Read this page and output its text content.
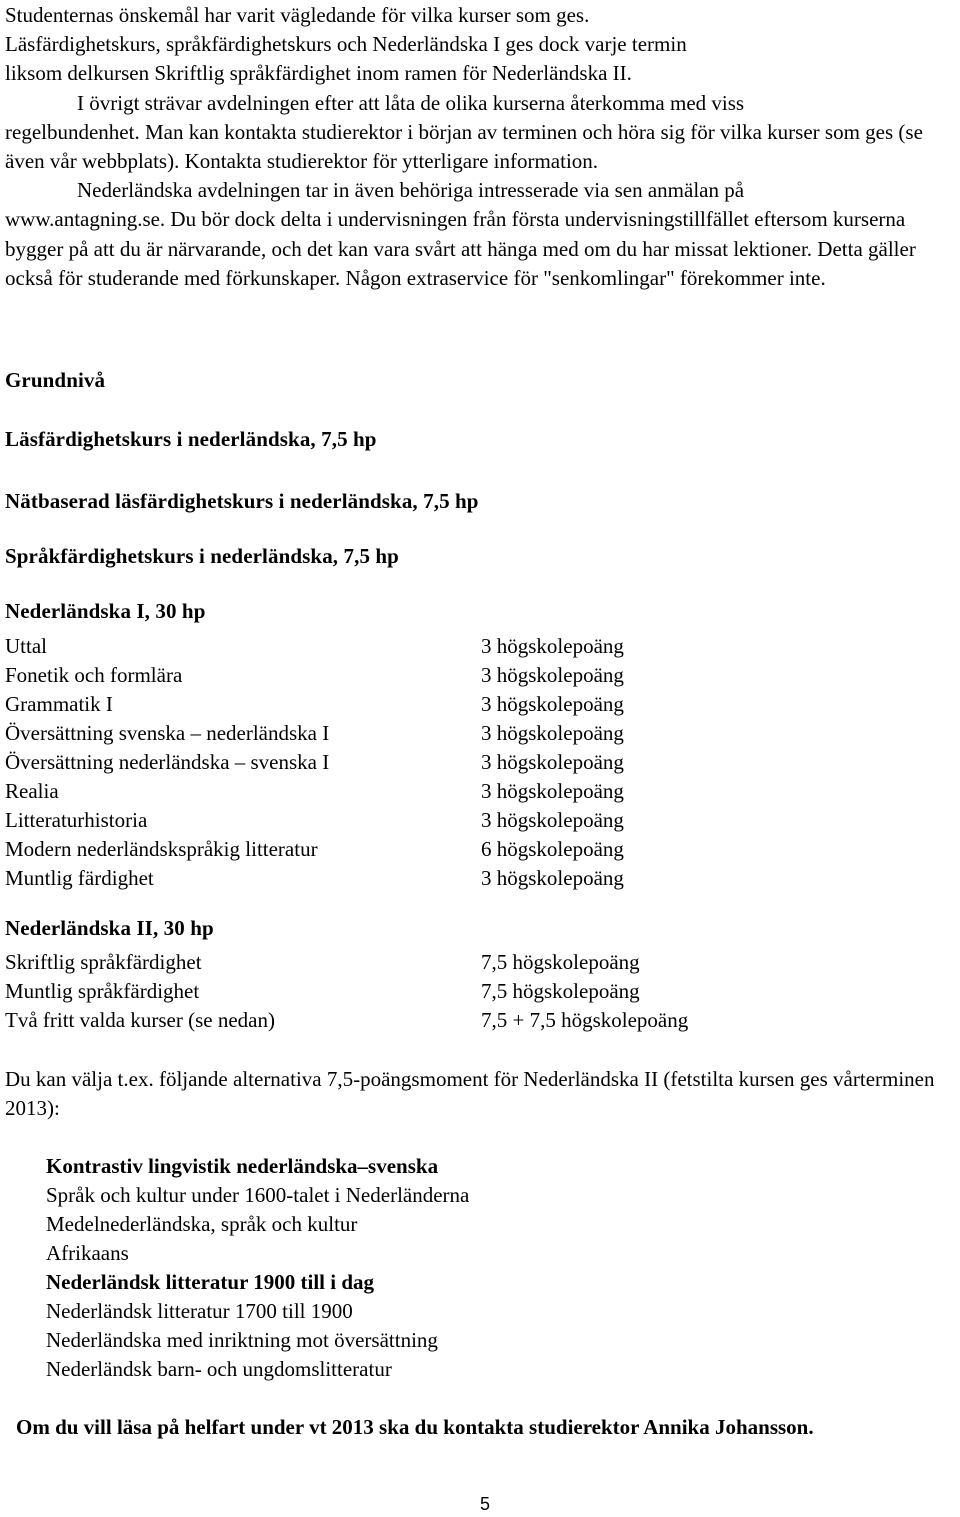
Studenternas önskemål har varit vägledande för vilka kurser som ges.

Läsfärdighetskurs, språkfärdighetskurs och Nederländska I ges dock varje termin

liksom delkursen Skriftlig språkfärdighet inom ramen för Nederländska II.

I övrigt strävar avdelningen efter att låta de olika kurserna återkomma med viss

regelbundenhet. Man kan kontakta studierektor i början av terminen och höra sig för vilka kurser som ges (se även vår webbplats). Kontakta studierektor för ytterligare information.

Nederländska avdelningen tar in även behöriga intresserade via sen anmälan på

www.antagning.se. Du bör dock delta i undervisningen från första undervisningstillfället eftersom kurserna bygger på att du är närvarande, och det kan vara svårt att hänga med om du har missat lektioner. Detta gäller också för studerande med förkunskaper. Någon extraservice för "senkomlingar" förekommer inte.

Grundnivå
Läsfärdighetskurs i nederländska, 7,5 hp
Nätbaserad läsfärdighetskurs i nederländska, 7,5 hp
Språkfärdighetskurs i nederländska, 7,5 hp
Nederländska I, 30 hp
Uttal	3 högskolepoäng
Fonetik och formlära	3 högskolepoäng
Grammatik I	3 högskolepoäng
Översättning svenska – nederländska I	3 högskolepoäng
Översättning nederländska – svenska I	3 högskolepoäng
Realia	3 högskolepoäng
Litteraturhistoria	3 högskolepoäng
Modern nederländskspråkig litteratur	6 högskolepoäng
Muntlig färdighet	3 högskolepoäng
Nederländska II, 30 hp
Skriftlig språkfärdighet	7,5 högskolepoäng
Muntlig språkfärdighet	7,5 högskolepoäng
Två fritt valda kurser (se nedan)	7,5 + 7,5 högskolepoäng

Du kan välja t.ex. följande alternativa 7,5-poängsmoment för Nederländska II (fetstilta kursen ges vårterminen 2013):

Kontrastiv lingvistik nederländska–svenska
Språk och kultur under 1600-talet i Nederländerna
Medelnederländska, språk och kultur
Afrikaans
Nederländsk litteratur 1900 till i dag
Nederländsk litteratur 1700 till 1900
Nederländska med inriktning mot översättning
Nederländsk barn- och ungdomslitteratur

Om du vill läsa på helfart under vt 2013 ska du kontakta studierektor Annika Johansson.

5
